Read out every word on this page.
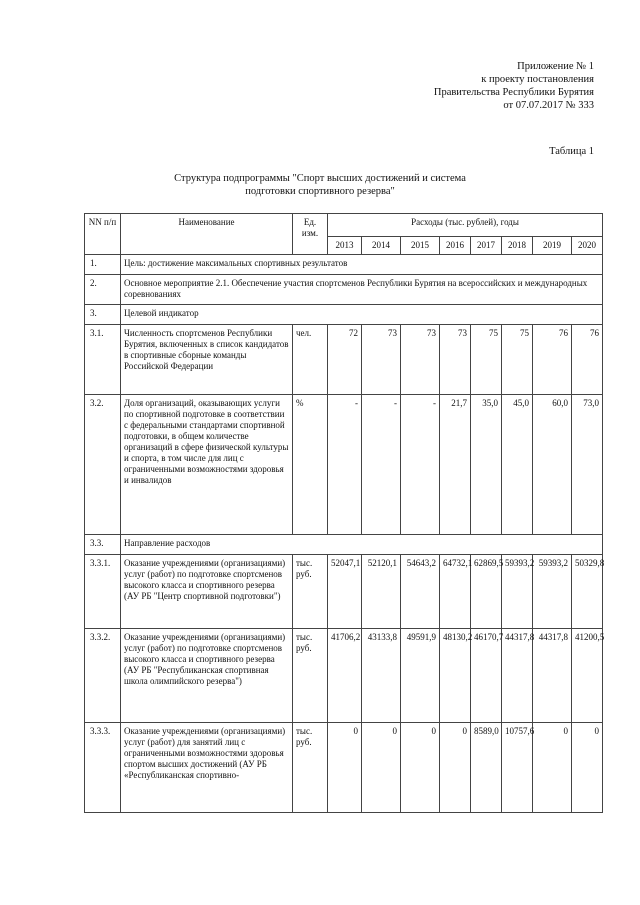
Приложение № 1
к проекту постановления
Правительства Республики Бурятия
от 07.07.2017 № 333
Таблица 1
Структура подпрограммы "Спорт высших достижений и система
подготовки спортивного резерва"
NN п/п	Наименование	Ед. изм.	Расходы (тыс. рублей), годы							
			2013	2014	2015	2016	2017	2018	2019	2020
1.	Цель: достижение максимальных спортивных результатов									
2.	Основное мероприятие 2.1. Обеспечение участия спортсменов Республики Бурятия на всероссийских и международных соревнованиях									
3.	Целевой индикатор									
3.1.	Численность спортсменов Республики Бурятия, включенных в список кандидатов в спортивные сборные команды Российской Федерации	чел.	72	73	73	73	75	75	76	76
3.2.	Доля организаций, оказывающих услуги по спортивной подготовке в соответствии с федеральными стандартами спортивной подготовки, в общем количестве организаций в сфере физической культуры и спорта, в том числе для лиц с ограниченными возможностями здоровья и инвалидов	%	-	-	-	21,7	35,0	45,0	60,0	73,0
3.3.	Направление расходов									
3.3.1.	Оказание учреждениями (организациями) услуг (работ) по подготовке спортсменов высокого класса и спортивного резерва (АУ РБ "Центр спортивной подготовки")	тыс. руб.	52047,1	52120,1	54643,2	64732,1	62869,5	59393,2	59393,2	50329,8
3.3.2.	Оказание учреждениями (организациями) услуг (работ) по подготовке спортсменов высокого класса и спортивного резерва (АУ РБ "Республиканская спортивная школа олимпийского резерва")	тыс. руб.	41706,2	43133,8	49591,9	48130,2	46170,7	44317,8	44317,8	41200,5
3.3.3.	Оказание учреждениями (организациями) услуг (работ) для занятий лиц с ограниченными возможностями здоровья спортом высших достижений (АУ РБ «Республиканская спортивно-	тыс. руб.	0	0	0	0	8589,0	10757,6	0	0
